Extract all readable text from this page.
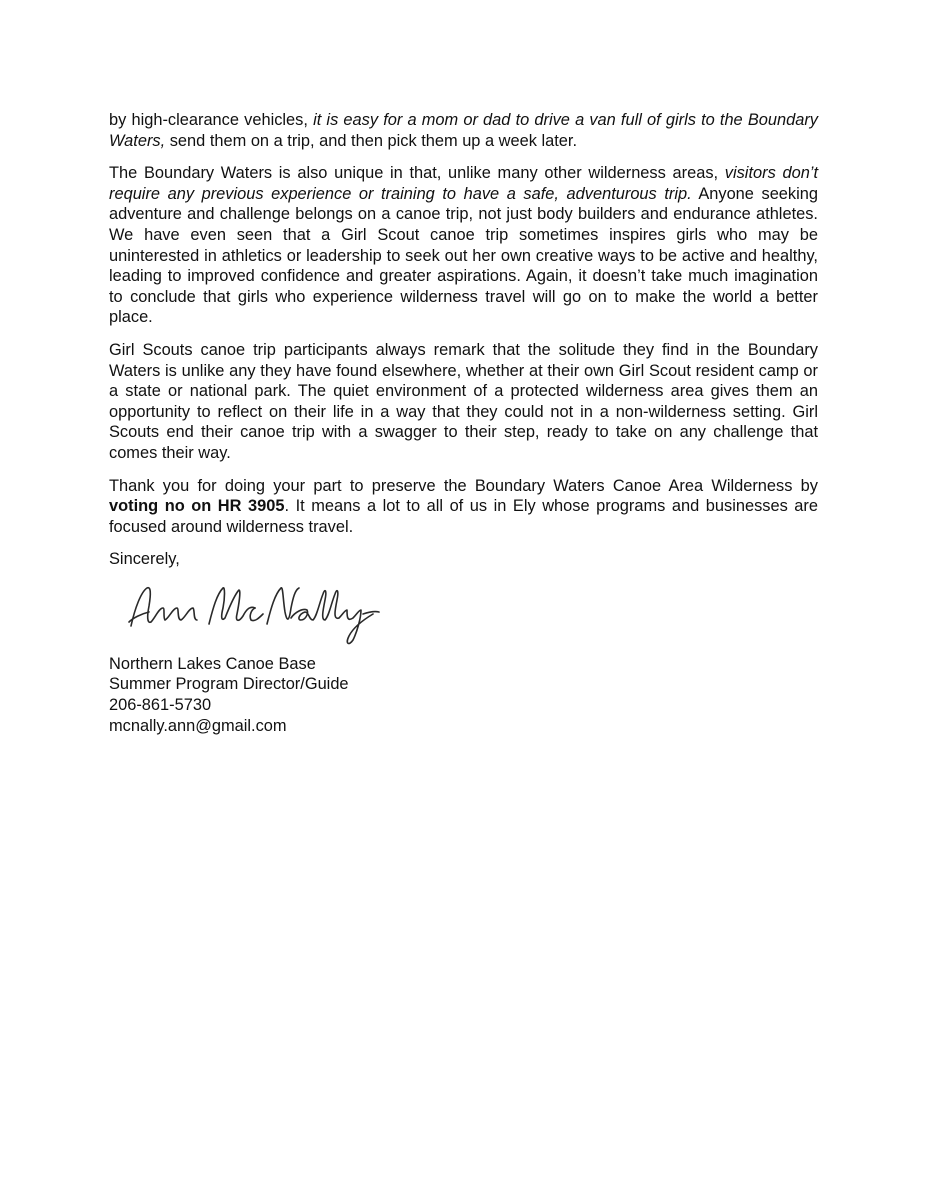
by high-clearance vehicles, it is easy for a mom or dad to drive a van full of girls to the Boundary Waters, send them on a trip, and then pick them up a week later.

The Boundary Waters is also unique in that, unlike many other wilderness areas, visitors don’t require any previous experience or training to have a safe, adventurous trip. Anyone seeking adventure and challenge belongs on a canoe trip, not just body builders and endurance athletes. We have even seen that a Girl Scout canoe trip sometimes inspires girls who may be uninterested in athletics or leadership to seek out her own creative ways to be active and healthy, leading to improved confidence and greater aspirations. Again, it doesn’t take much imagination to conclude that girls who experience wilderness travel will go on to make the world a better place.

Girl Scouts canoe trip participants always remark that the solitude they find in the Boundary Waters is unlike any they have found elsewhere, whether at their own Girl Scout resident camp or a state or national park. The quiet environment of a protected wilderness area gives them an opportunity to reflect on their life in a way that they could not in a non-wilderness setting. Girl Scouts end their canoe trip with a swagger to their step, ready to take on any challenge that comes their way.

Thank you for doing your part to preserve the Boundary Waters Canoe Area Wilderness by voting no on HR 3905. It means a lot to all of us in Ely whose programs and businesses are focused around wilderness travel.

Sincerely,

Northern Lakes Canoe Base
Summer Program Director/Guide
206-861-5730
mcnally.ann@gmail.com
